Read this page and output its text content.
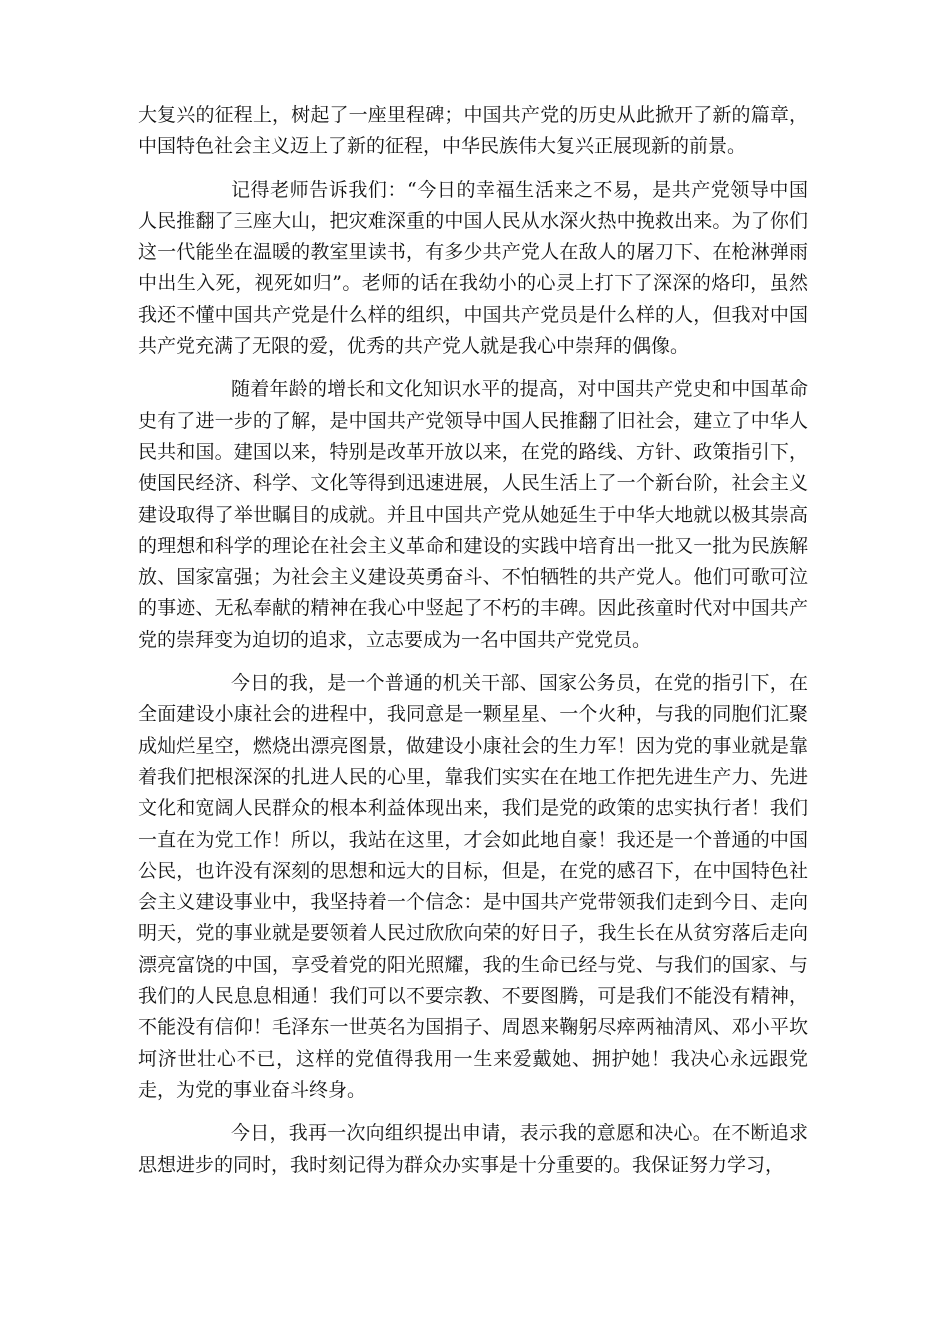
大复兴的征程上，树起了一座里程碑；中国共产党的历史从此掀开了新的篇章，中国特色社会主义迈上了新的征程，中华民族伟大复兴正展现新的前景。

记得老师告诉我们：“今日的幸福生活来之不易，是共产党领导中国人民推翻了三座大山，把灾难深重的中国人民从水深火热中挽救出来。为了你们这一代能坐在温暖的教室里读书，有多少共产党人在敌人的屠刀下、在枪淋弹雨中出生入死，视死如归”。老师的话在我幼小的心灵上打下了深深的烙印，虽然我还不懂中国共产党是什么样的组织，中国共产党员是什么样的人，但我对中国共产党充满了无限的爱，优秀的共产党人就是我心中崇拜的偶像。

随着年龄的增长和文化知识水平的提高，对中国共产党史和中国革命史有了进一步的了解，是中国共产党领导中国人民推翻了旧社会，建立了中华人民共和国。建国以来，特别是改革开放以来，在党的路线、方针、政策指引下，使国民经济、科学、文化等得到迅速进展，人民生活上了一个新台阶，社会主义建设取得了举世瞩目的成就。并且中国共产党从她延生于中华大地就以极其崇高的理想和科学的理论在社会主义革命和建设的实践中培育出一批又一批为民族解放、国家富强；为社会主义建设英勇奋斗、不怕牺牲的共产党人。他们可歌可泣的事迹、无私奉献的精神在我心中竖起了不朽的丰碑。因此孩童时代对中国共产党的崇拜变为迫切的追求，立志要成为一名中国共产党党员。

今日的我，是一个普通的机关干部、国家公务员，在党的指引下，在全面建设小康社会的进程中，我同意是一颗星星、一个火种，与我的同胞们汇聚成灿烂星空，燃烧出漂亮图景，做建设小康社会的生力军！因为党的事业就是靠着我们把根深深的扎进人民的心里，靠我们实实在在地工作把先进生产力、先进文化和宽阔人民群众的根本利益体现出来，我们是党的政策的忠实执行者！我们一直在为党工作！所以，我站在这里，才会如此地自豪！我还是一个普通的中国公民，也许没有深刻的思想和远大的目标，但是，在党的感召下，在中国特色社会主义建设事业中，我坚持着一个信念：是中国共产党带领我们走到今日、走向明天，党的事业就是要领着人民过欣欣向荣的好日子，我生长在从贫穷落后走向漂亮富饶的中国，享受着党的阳光照耀，我的生命已经与党、与我们的国家、与我们的人民息息相通！我们可以不要宗教、不要图腾，可是我们不能没有精神，不能没有信仰！毛泽东一世英名为国捐子、周恩来鞠躬尽瘁两袖清风、邓小平坎坷济世壮心不已，这样的党值得我用一生来爱戴她、拥护她！我决心永远跟党走，为党的事业奋斗终身。

今日，我再一次向组织提出申请，表示我的意愿和决心。在不断追求思想进步的同时，我时刻记得为群众办实事是十分重要的。我保证努力学习，
